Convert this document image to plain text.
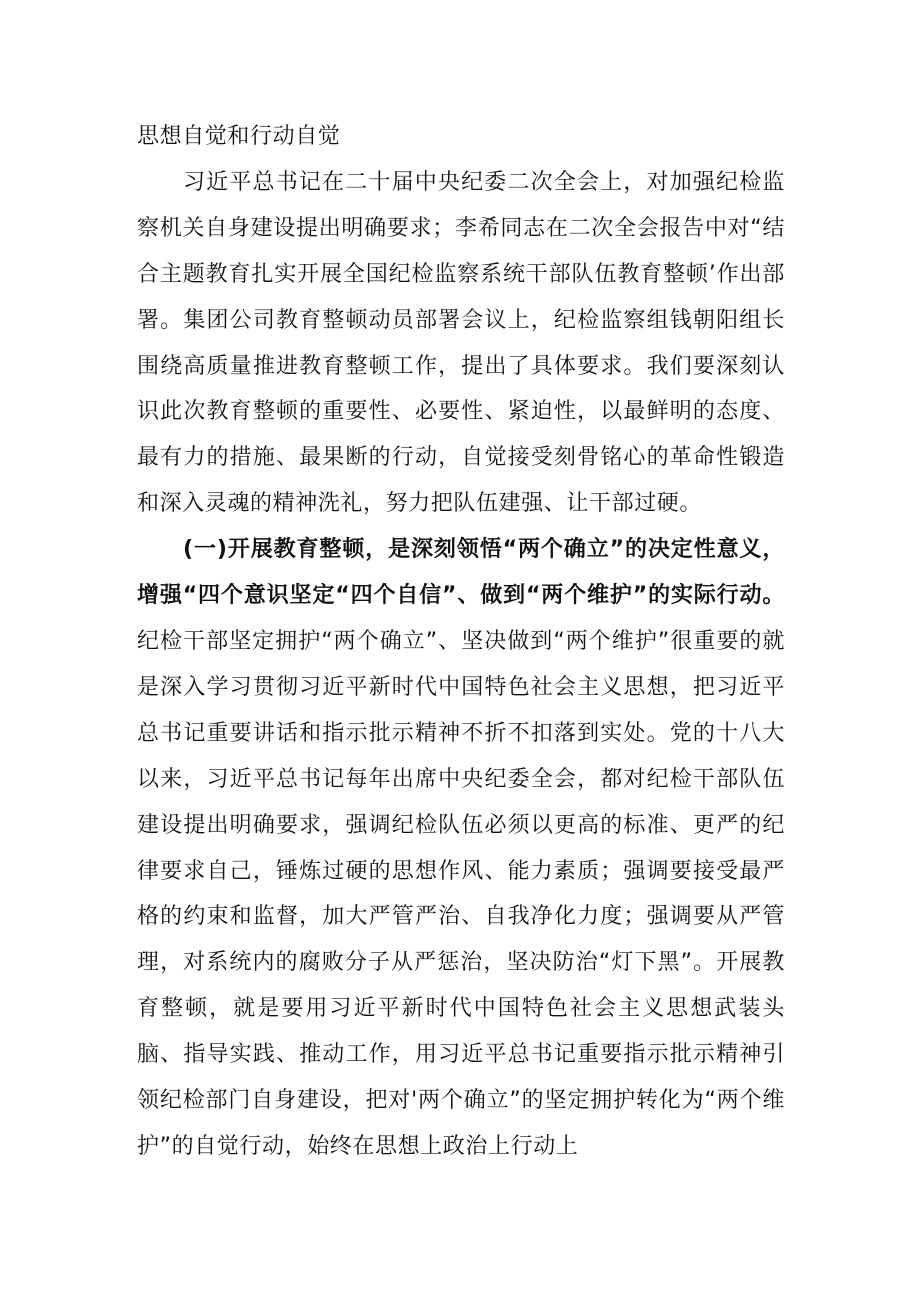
思想自觉和行动自觉

习近平总书记在二十届中央纪委二次全会上，对加强纪检监察机关自身建设提出明确要求；李希同志在二次全会报告中对“结合主题教育扎实开展全国纪检监察系统干部队伍教育整顿’作出部署。集团公司教育整顿动员部署会议上，纪检监察组钱朝阳组长围绕高质量推进教育整顿工作，提出了具体要求。我们要深刻认识此次教育整顿的重要性、必要性、紧迫性，以最鲜明的态度、最有力的措施、最果断的行动，自觉接受刻骨铭心的革命性锻造和深入灵魂的精神洗礼，努力把队伍建强、让干部过硬。

(一)开展教育整顿，是深刻领悟“两个确立”的决定性意义，增强“四个意识坚定“四个自信”、做到“两个维护”的实际行动。纪检干部坚定拥护“两个确立”、坚决做到“两个维护”很重要的就是深入学习贯彻习近平新时代中国特色社会主义思想，把习近平总书记重要讲话和指示批示精神不折不扣落到实处。党的十八大以来，习近平总书记每年出席中央纪委全会，都对纪检干部队伍建设提出明确要求，强调纪检队伍必须以更高的标准、更严的纪律要求自己，锤炼过硬的思想作风、能力素质；强调要接受最严格的约束和监督，加大严管严治、自我净化力度；强调要从严管理，对系统内的腐败分子从严惩治，坚决防治“灯下黑”。开展教育整顿，就是要用习近平新时代中国特色社会主义思想武装头脑、指导实践、推动工作，用习近平总书记重要指示批示精神引领纪检部门自身建设，把对'两个确立”的坚定拥护转化为“两个维护”的自觉行动，始终在思想上政治上行动上
